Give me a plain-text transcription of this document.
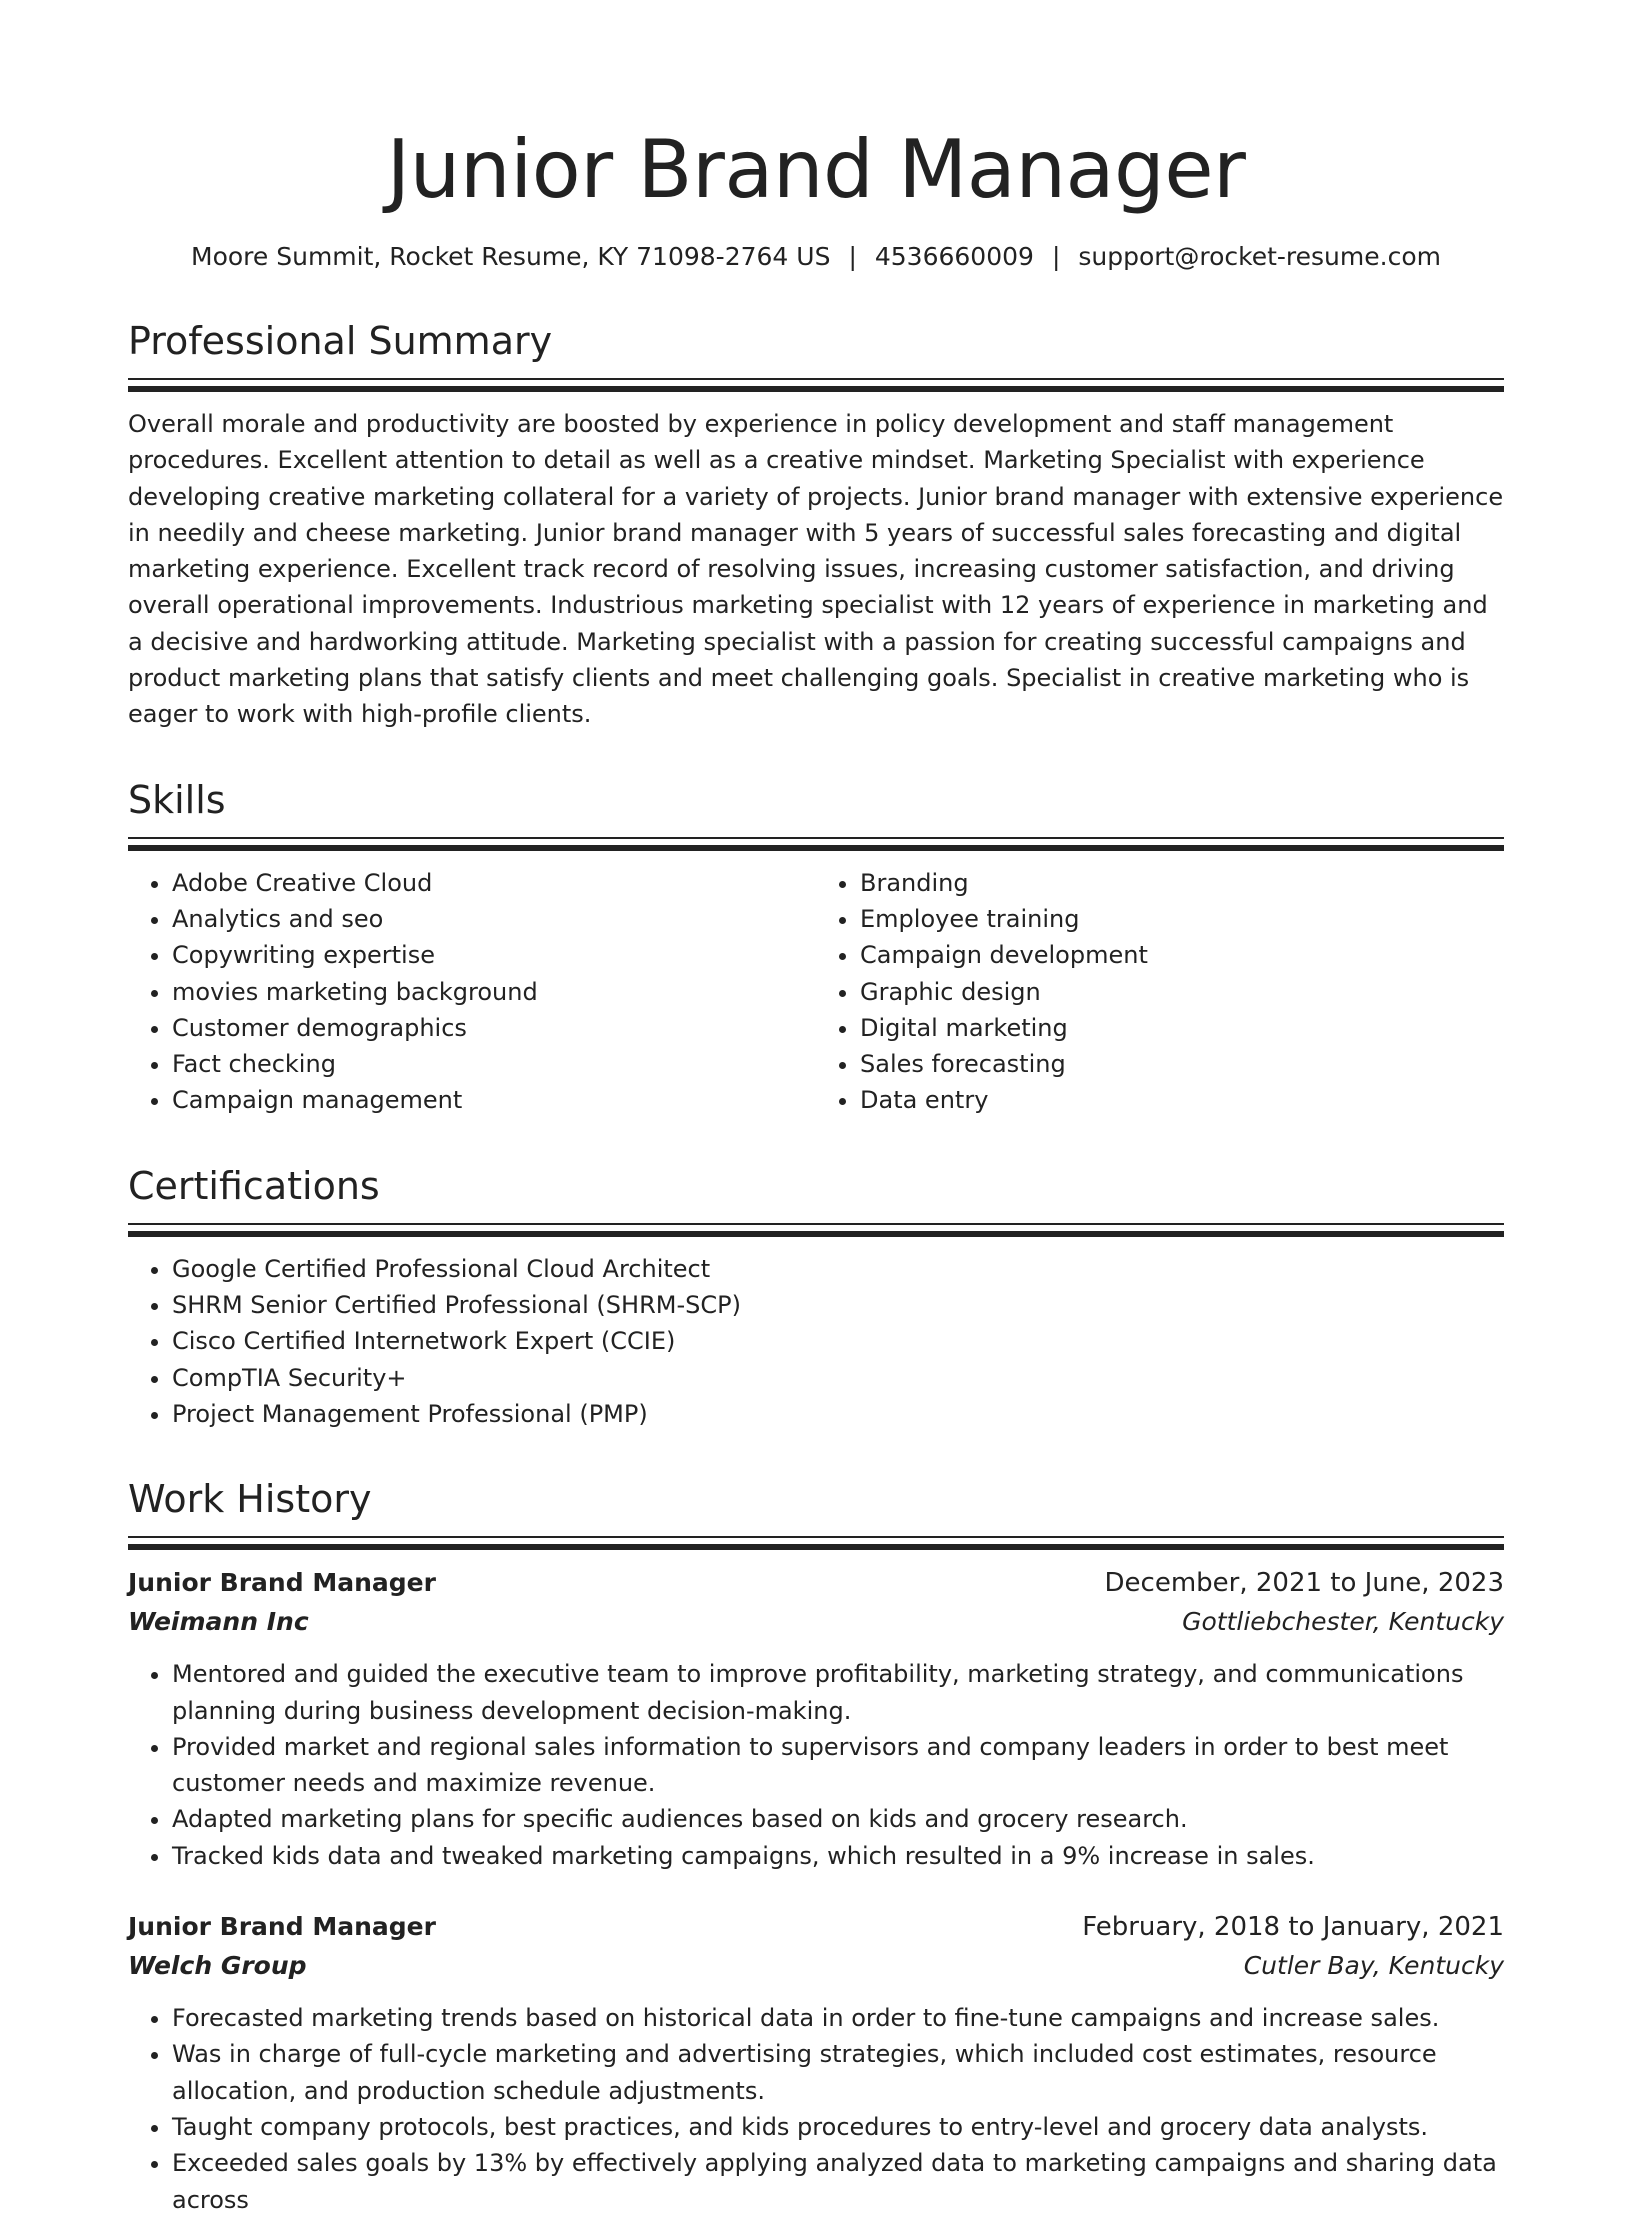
Junior Brand Manager
Moore Summit, Rocket Resume, KY 71098-2764 US | 4536660009 | support@rocket-resume.com
Professional Summary
Overall morale and productivity are boosted by experience in policy development and staff management procedures. Excellent attention to detail as well as a creative mindset. Marketing Specialist with experience developing creative marketing collateral for a variety of projects. Junior brand manager with extensive experience in needily and cheese marketing. Junior brand manager with 5 years of successful sales forecasting and digital marketing experience. Excellent track record of resolving issues, increasing customer satisfaction, and driving overall operational improvements. Industrious marketing specialist with 12 years of experience in marketing and a decisive and hardworking attitude. Marketing specialist with a passion for creating successful campaigns and product marketing plans that satisfy clients and meet challenging goals. Specialist in creative marketing who is eager to work with high-profile clients.
Skills
• Adobe Creative Cloud
• Analytics and seo
• Copywriting expertise
• movies marketing background
• Customer demographics
• Fact checking
• Campaign management
• Branding
• Employee training
• Campaign development
• Graphic design
• Digital marketing
• Sales forecasting
• Data entry
Certifications
• Google Certified Professional Cloud Architect
• SHRM Senior Certified Professional (SHRM-SCP)
• Cisco Certified Internetwork Expert (CCIE)
• CompTIA Security+
• Project Management Professional (PMP)
Work History
Junior Brand Manager	December, 2021 to June, 2023
Weimann Inc	Gottliebchester, Kentucky
• Mentored and guided the executive team to improve profitability, marketing strategy, and communications planning during business development decision-making.
• Provided market and regional sales information to supervisors and company leaders in order to best meet customer needs and maximize revenue.
• Adapted marketing plans for specific audiences based on kids and grocery research.
• Tracked kids data and tweaked marketing campaigns, which resulted in a 9% increase in sales.
Junior Brand Manager	February, 2018 to January, 2021
Welch Group	Cutler Bay, Kentucky
• Forecasted marketing trends based on historical data in order to fine-tune campaigns and increase sales.
• Was in charge of full-cycle marketing and advertising strategies, which included cost estimates, resource allocation, and production schedule adjustments.
• Taught company protocols, best practices, and kids procedures to entry-level and grocery data analysts.
• Exceeded sales goals by 13% by effectively applying analyzed data to marketing campaigns and sharing data across
